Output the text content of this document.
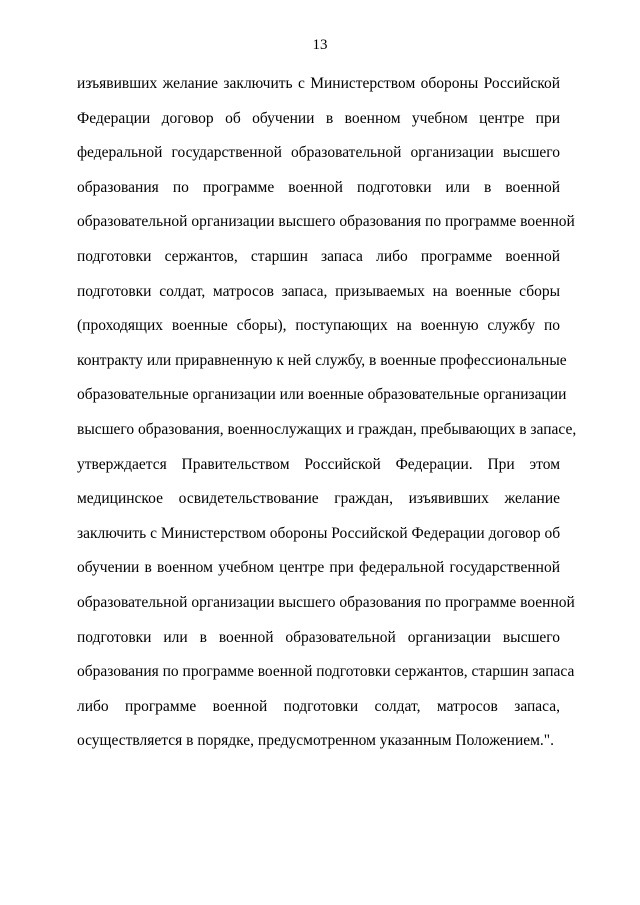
13
изъявивших желание заключить с Министерством обороны Российской
Федерации договор об обучении в военном учебном центре при
федеральной государственной образовательной организации высшего
образования по программе военной подготовки или в военной
образовательной организации высшего образования по программе военной
подготовки сержантов, старшин запаса либо программе военной
подготовки солдат, матросов запаса, призываемых на военные сборы
(проходящих военные сборы), поступающих на военную службу по
контракту или приравненную к ней службу, в военные профессиональные
образовательные организации или военные образовательные организации
высшего образования, военнослужащих и граждан, пребывающих в запасе,
утверждается Правительством Российской Федерации. При этом
медицинское освидетельствование граждан, изъявивших желание
заключить с Министерством обороны Российской Федерации договор об
обучении в военном учебном центре при федеральной государственной
образовательной организации высшего образования по программе военной
подготовки или в военной образовательной организации высшего
образования по программе военной подготовки сержантов, старшин запаса
либо программе военной подготовки солдат, матросов запаса,
осуществляется в порядке, предусмотренном указанным Положением.".
